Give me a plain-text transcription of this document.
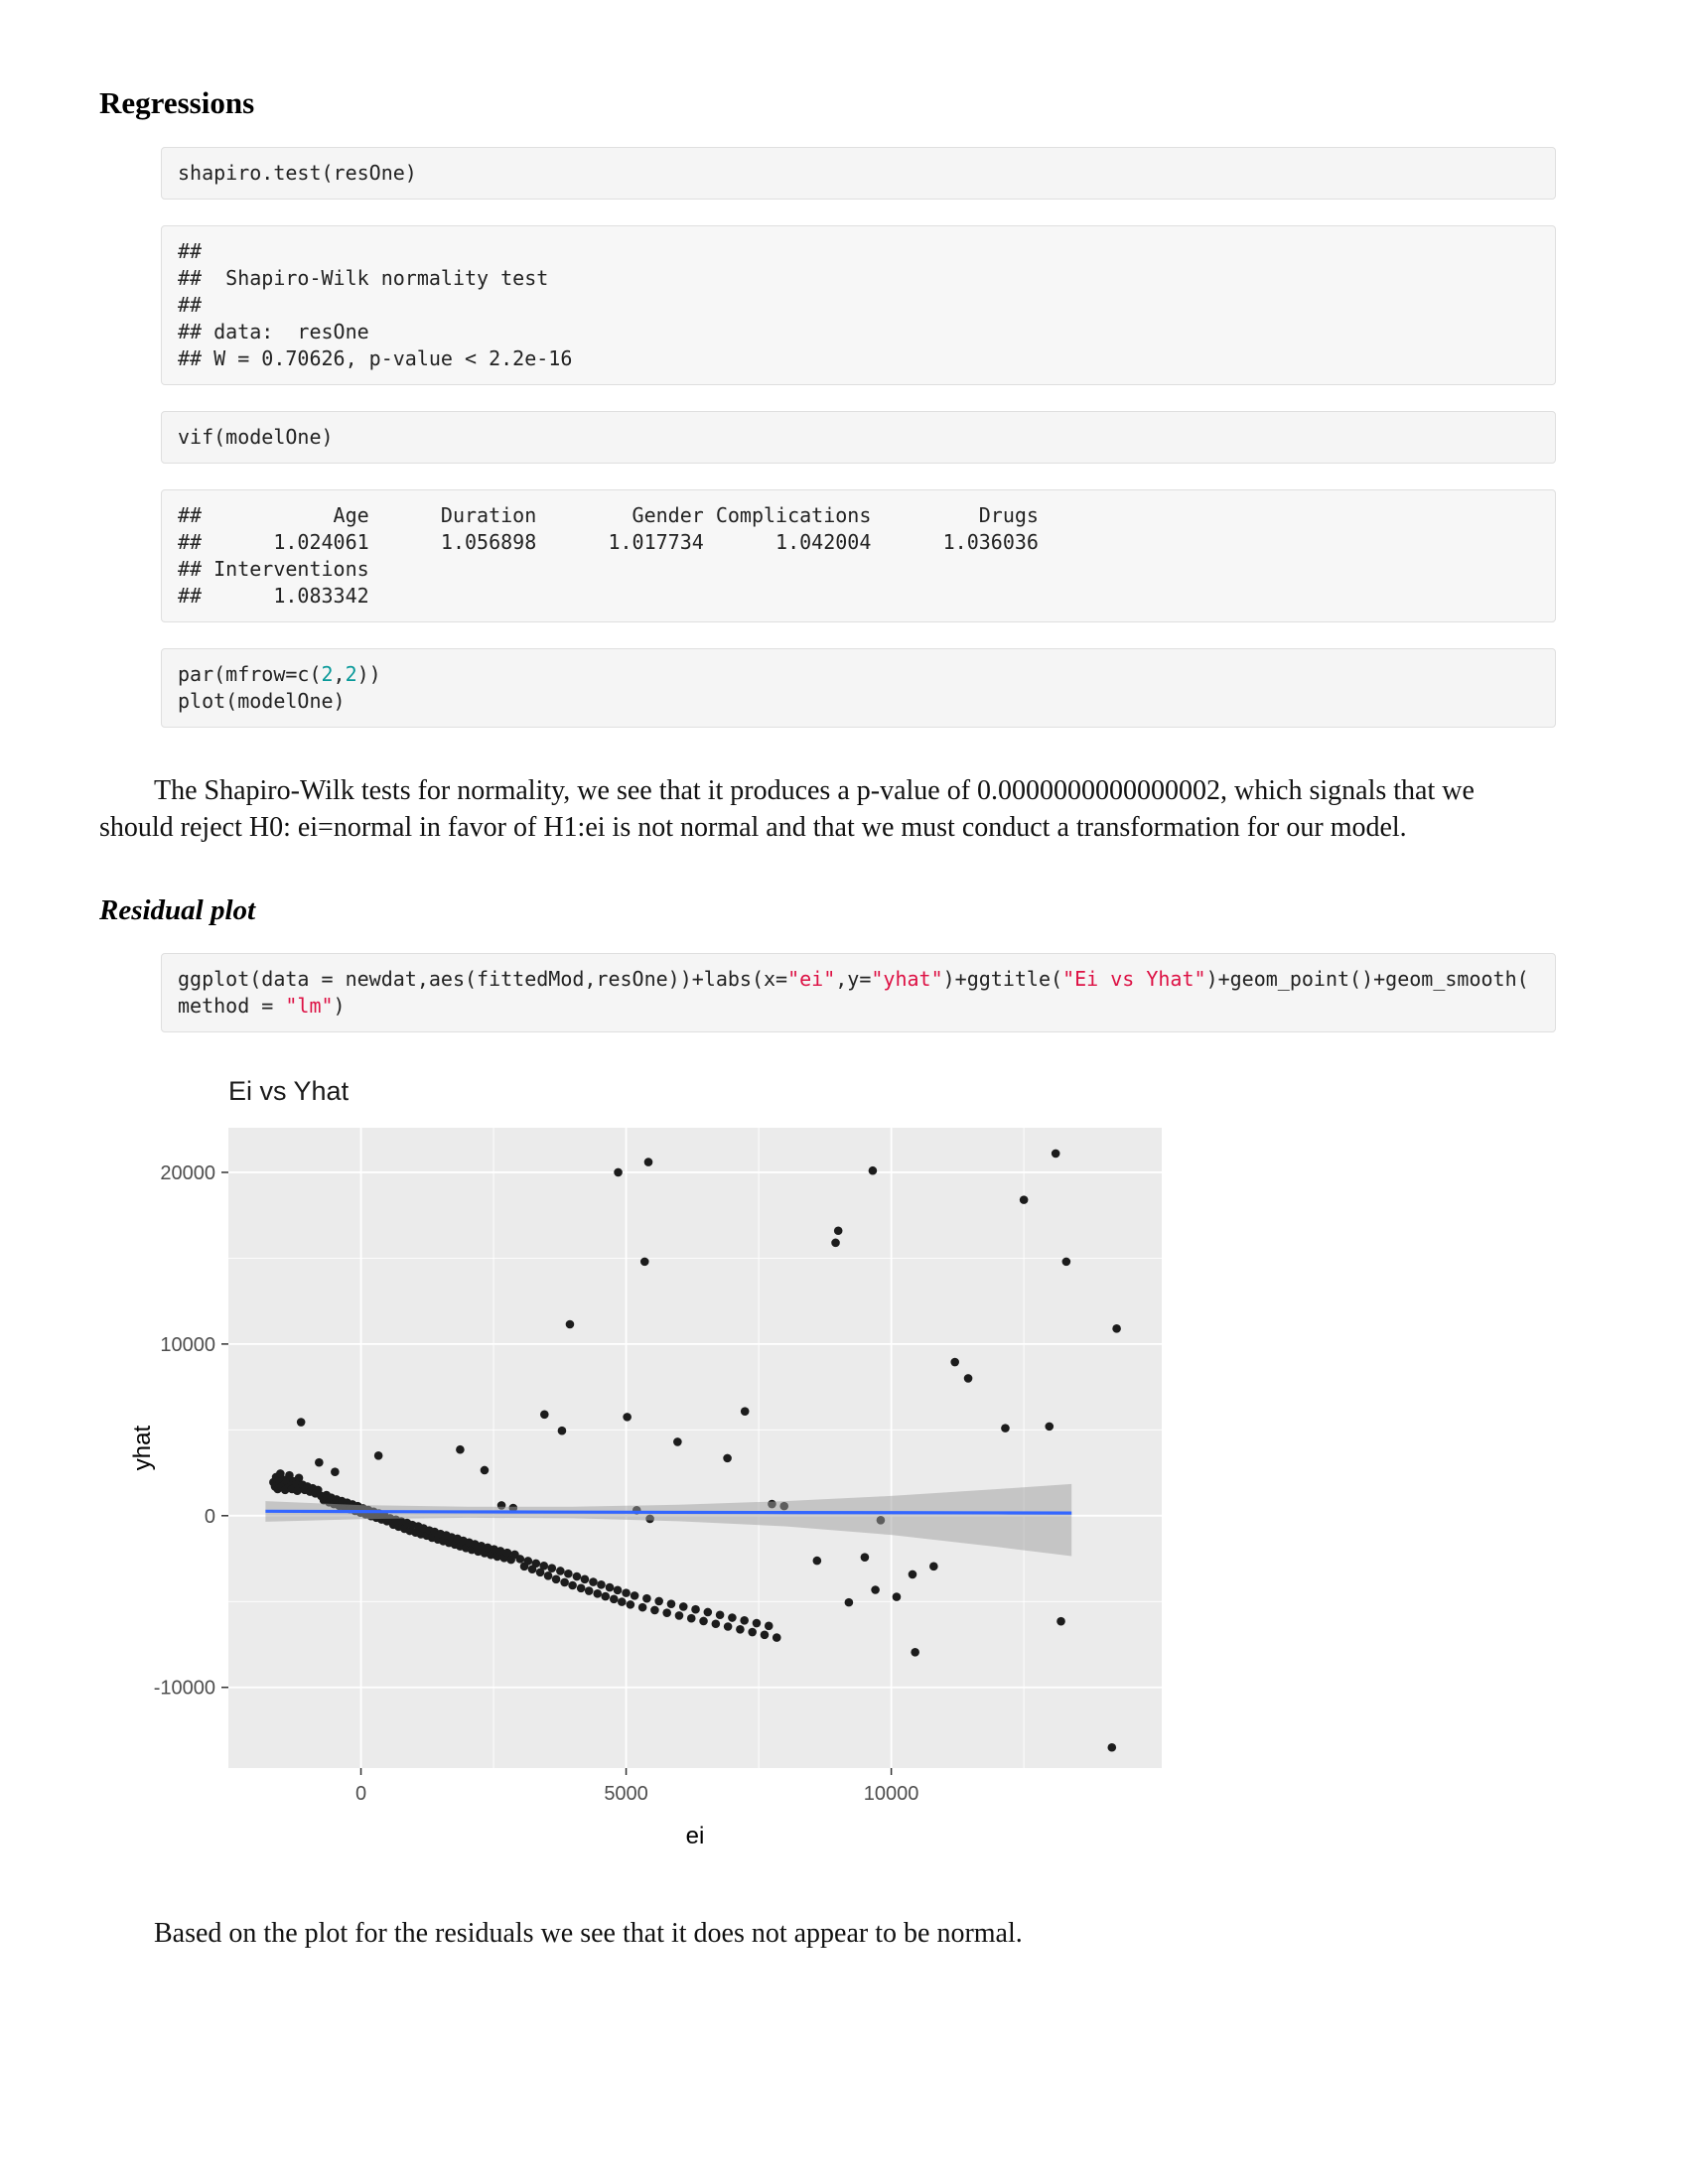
Regressions
shapiro.test(resOne)
##
##  Shapiro-Wilk normality test
##
## data:  resOne
## W = 0.70626, p-value < 2.2e-16
vif(modelOne)
##           Age      Duration        Gender Complications         Drugs
##      1.024061      1.056898      1.017734      1.042004      1.036036
## Interventions
##      1.083342
par(mfrow=c(2,2))
plot(modelOne)

The Shapiro-Wilk tests for normality, we see that it produces a p-value of 0.0000000000000002, which signals that we should reject H0: ei=normal in favor of H1:ei is not normal and that we must conduct a transformation for our model.

Residual plot
ggplot(data = newdat,aes(fittedMod,resOne))+labs(x="ei",y="yhat")+ggtitle("Ei vs Yhat")+geom_point()+geom_smooth(
method = "lm")
0	5000	10000
-10000
0
10000
20000
ei
yhat
Ei vs Yhat

Based on the plot for the residuals we see that it does not appear to be normal.
